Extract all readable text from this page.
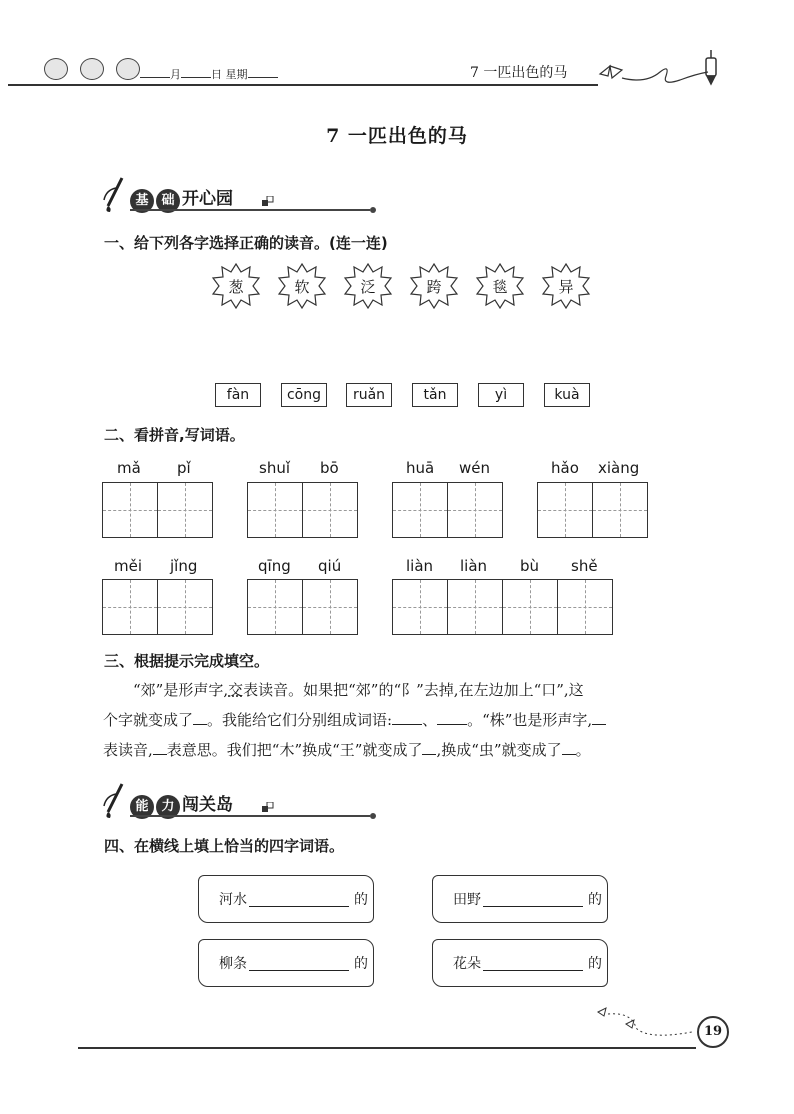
月	日 星期	7 一匹出色的马
7 一匹出色的马
基 础 开心园
一、给下列各字选择正确的读音。(连一连)
葱	软	泛	跨	毯	异
fàn	cōng	ruǎn	tǎn	yì	kuà
二、看拼音,写词语。
mǎ pǐ	shuǐ bō	huā wén	hǎo xiàng
měi jǐng	qīng qiú	liàn liàn bù shě
三、根据提示完成填空。
“郊”是形声字,交表读音。如果把“郊”的“阝”去掉,在左边加上“口”,这
个字就变成了 。我能给它们分别组成词语: 、 。“株”也是形声字,
表读音, 表意思。我们把“木”换成“王”就变成了 ,换成“虫”就变成了 。
能 力 闯关岛
四、在横线上填上恰当的四字词语。
河水	的	田野	的
柳条	的	花朵	的
19
